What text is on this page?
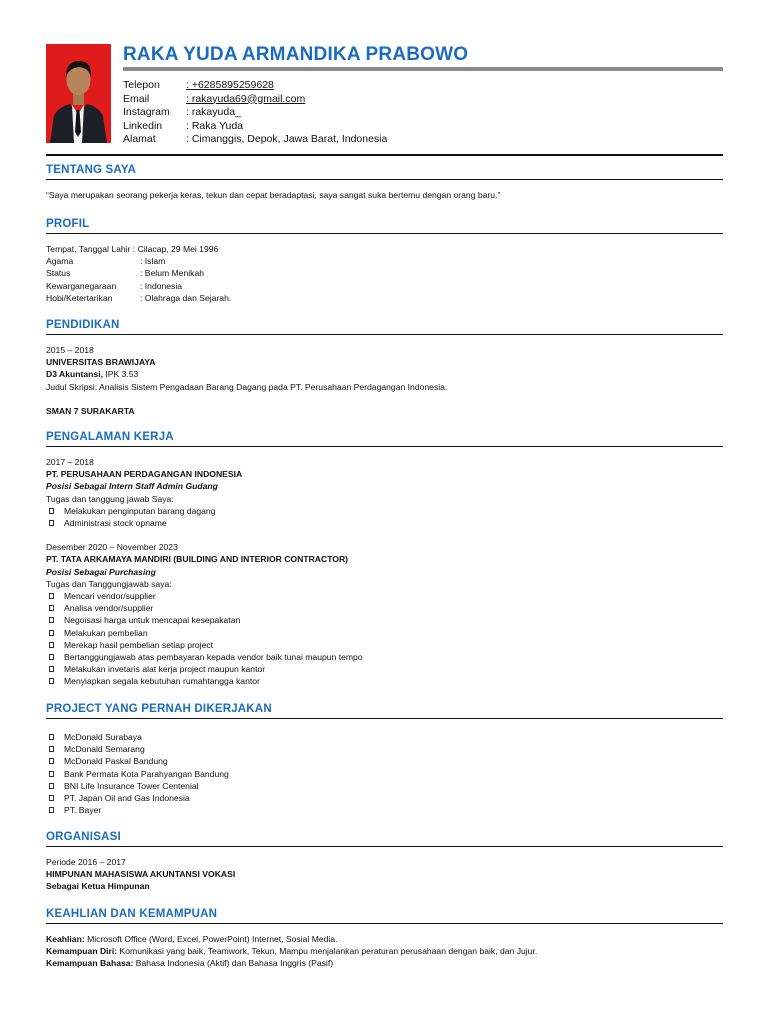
RAKA YUDA ARMANDIKA PRABOWO
Telepon	: +6285895259628
Email	: rakayuda69@gmail.com
Instagram	: rakayuda_
Linkedin	: Raka Yuda
Alamat	: Cimanggis, Depok, Jawa Barat, Indonesia
TENTANG SAYA
“Saya merupakan seorang pekerja keras, tekun dan cepat beradaptasi, saya sangat suka bertemu dengan orang baru.”
PROFIL
Tempat, Tanggal Lahir : Cilacap, 29 Mei 1996
Agama	: Islam
Status	: Belum Menikah
Kewarganegaraan	: Indonesia
Hobi/Ketertarikan	: Olahraga dan Sejarah.
PENDIDIKAN
2015 – 2018
UNIVERSITAS BRAWIJAYA
D3 Akuntansi, IPK 3.53
Judul Skripsi: Analisis Sistem Pengadaan Barang Dagang pada PT. Perusahaan Perdagangan Indonesia.
SMAN 7 SURAKARTA
PENGALAMAN KERJA
2017 – 2018
PT. PERUSAHAAN PERDAGANGAN INDONESIA
Posisi Sebagai Intern Staff Admin Gudang
Tugas dan tanggung jawab Saya:
Melakukan penginputan barang dagang
Administrasi stock opname
Desember 2020 – November 2023
PT. TATA ARKAMAYA MANDIRI (BUILDING AND INTERIOR CONTRACTOR)
Posisi Sebagai Purchasing
Tugas dan Tanggungjawab saya:
Mencari vendor/supplier
Analisa vendor/supplier
Negoisasi harga untuk mencapai kesepakatan
Melakukan pembelian
Merekap hasil pembelian setiap project
Bertanggungjawab atas pembayaran kepada vendor baik tunai maupun tempo
Melakukan invetaris alat kerja project maupun kantor
Menyiapkan segala kebutuhan rumahtangga kantor
PROJECT YANG PERNAH DIKERJAKAN
McDonald Surabaya
McDonald Semarang
McDonald Paskal Bandung
Bank Permata Kota Parahyangan Bandung
BNI Life Insurance Tower Centenial
PT. Japan Oil and Gas Indonesia
PT. Bayer
ORGANISASI
Periode 2016 – 2017
HIMPUNAN MAHASISWA AKUNTANSI VOKASI
Sebagai Ketua Himpunan
KEAHLIAN DAN KEMAMPUAN
Keahlian: Microsoft Office (Word, Excel, PowerPoint) Internet, Sosial Media.
Kemampuan Diri: Komunikasi yang baik, Teamwork, Tekun, Mampu menjalankan peraturan perusahaan dengan baik, dan Jujur.
Kemampuan Bahasa: Bahasa Indonesia (Aktif) dan Bahasa Inggris (Pasif)
